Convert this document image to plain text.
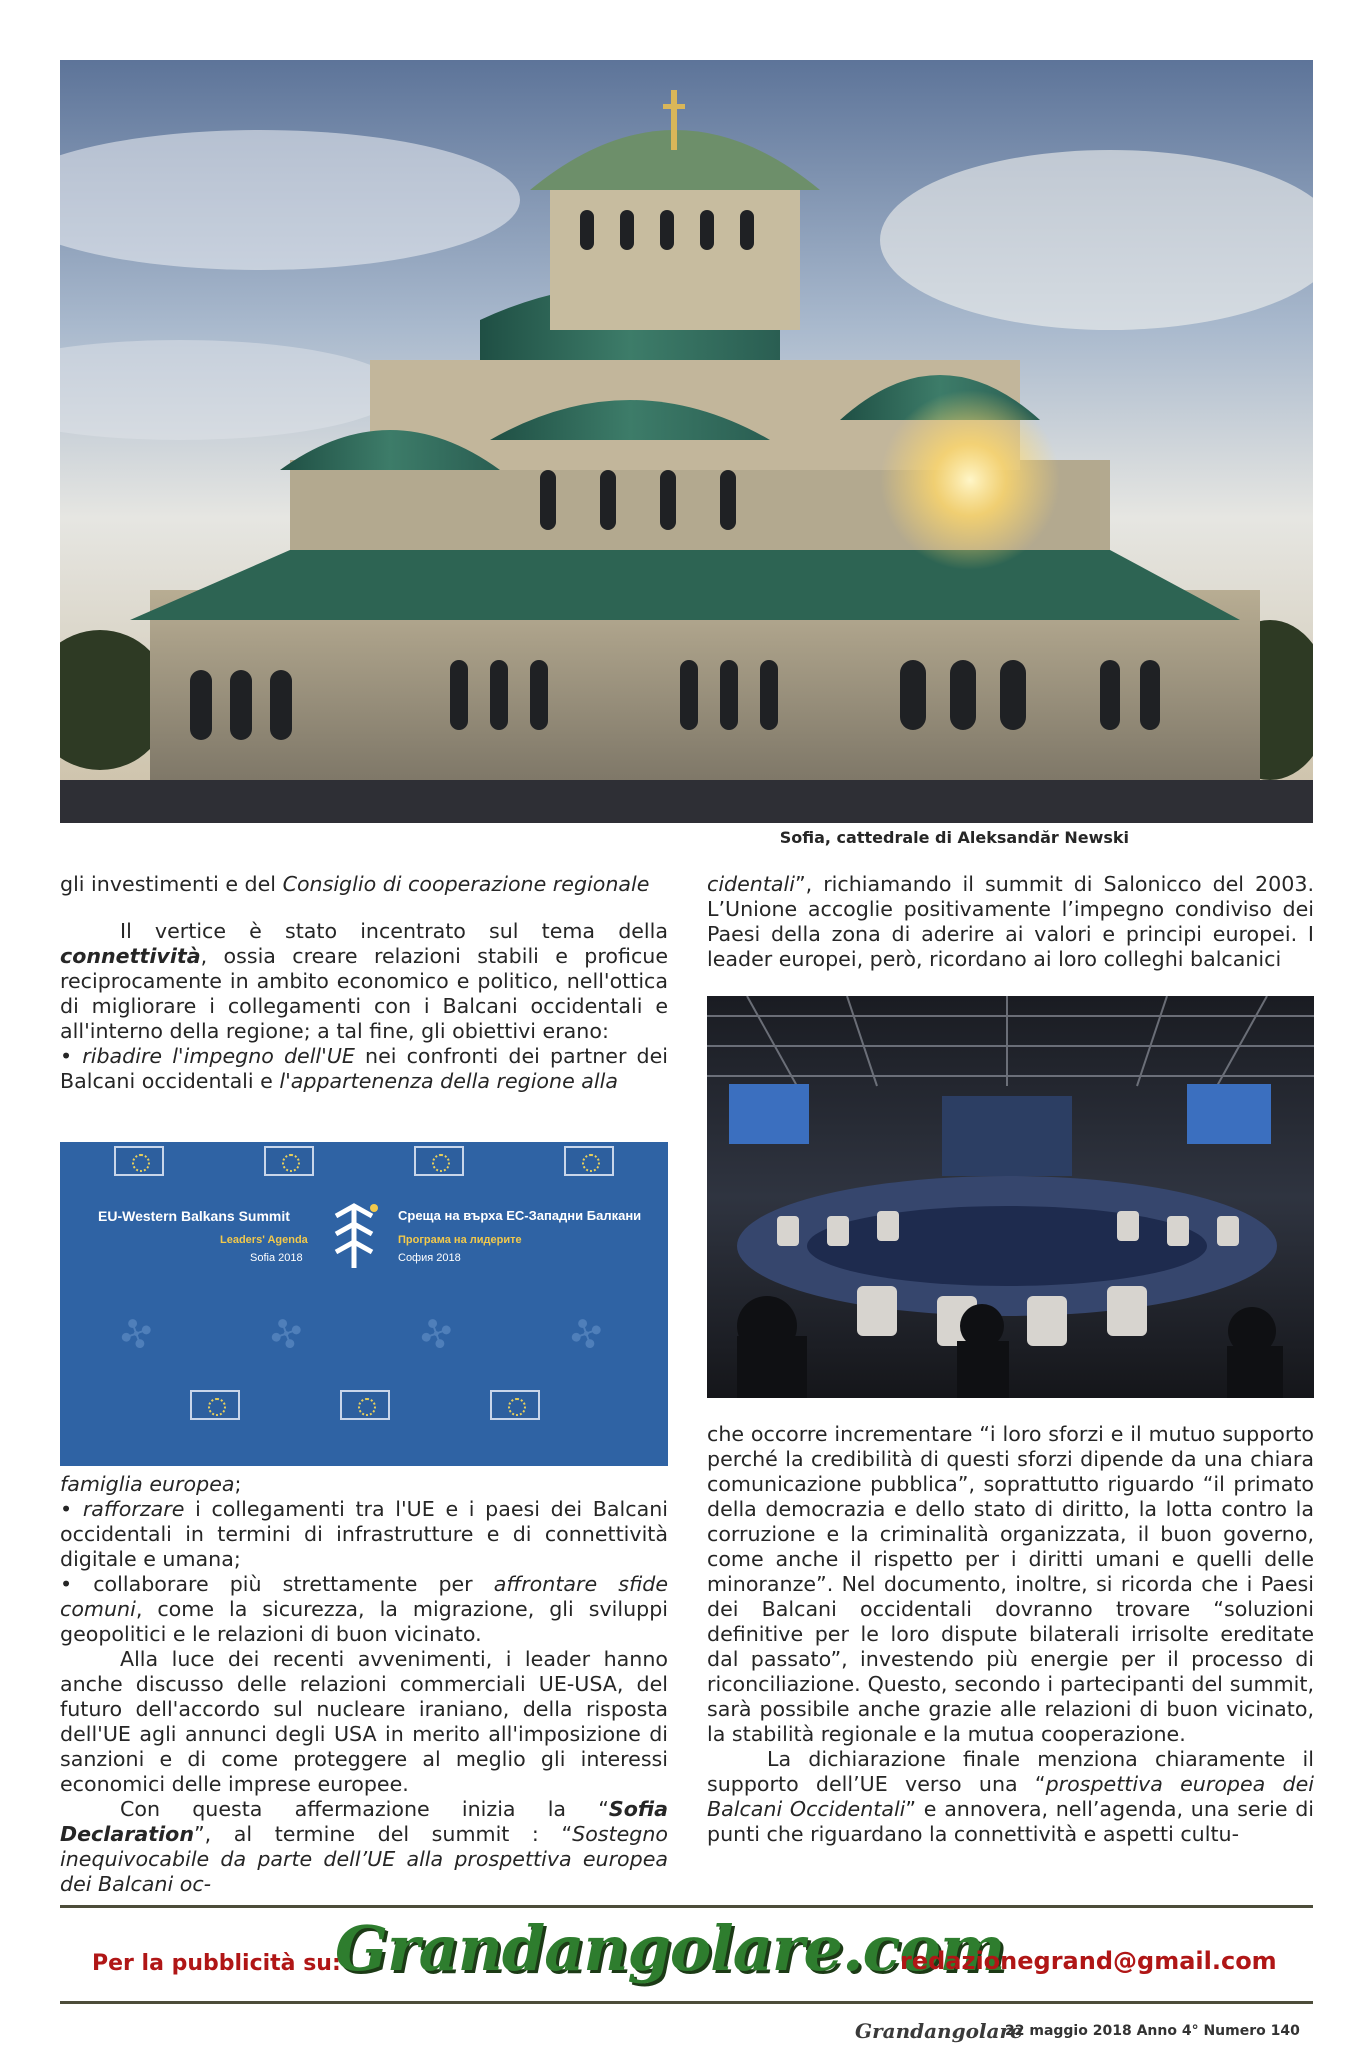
Sofia, cattedrale di Aleksandăr Newski

gli investimenti e del Consiglio di cooperazione regionale

Il vertice è stato incentrato sul tema della connettività, ossia creare relazioni stabili e proficue reciprocamente in ambito economico e politico, nell'ottica di migliorare i collegamenti con i Balcani occidentali e all'interno della regione; a tal fine, gli obiettivi erano:

• ribadire l'impegno dell'UE nei confronti dei partner dei Balcani occidentali e l'appartenenza della regione alla

✣	✣	✣	✣
EU-Western Balkans Summit
Leaders' Agenda
Sofia 2018
Среща на върха ЕС-Западни Балкани
Програма на лидерите
София 2018

famiglia europea;

• rafforzare i collegamenti tra l'UE e i paesi dei Balcani occidentali in termini di infrastrutture e di connettività digitale e umana;

• collaborare più strettamente per affrontare sfide comuni, come la sicurezza, la migrazione, gli sviluppi geopolitici e le relazioni di buon vicinato.

Alla luce dei recenti avvenimenti, i leader hanno anche discusso delle relazioni commerciali UE-USA, del futuro dell'accordo sul nucleare iraniano, della risposta dell'UE agli annunci degli USA in merito all'imposizione di sanzioni e di come proteggere al meglio gli interessi economici delle imprese europee.

Con questa affermazione inizia la “Sofia Declaration”, al termine del summit : “Sostegno inequivocabile da parte dell’UE alla prospettiva europea dei Balcani oc-

cidentali”, richiamando il summit di Salonicco del 2003. L’Unione accoglie positivamente l’impegno condiviso dei Paesi della zona di aderire ai valori e principi europei. I leader europei, però, ricordano ai loro colleghi balcanici

che occorre incrementare “i loro sforzi e il mutuo supporto perché la credibilità di questi sforzi dipende da una chiara comunicazione pubblica”, soprattutto riguardo “il primato della democrazia e dello stato di diritto, la lotta contro la corruzione e la criminalità organizzata, il buon governo, come anche il rispetto per i diritti umani e quelli delle minoranze”. Nel documento, inoltre, si ricorda che i Paesi dei Balcani occidentali dovranno trovare “soluzioni definitive per le loro dispute bilaterali irrisolte ereditate dal passato”, investendo più energie per il processo di riconciliazione. Questo, secondo i partecipanti del summit, sarà possibile anche grazie alle relazioni di buon vicinato, la stabilità regionale e la mutua cooperazione.

La dichiarazione finale menziona chiaramente il supporto dell’UE verso una “prospettiva europea dei Balcani Occidentali” e annovera, nell’agenda, una serie di punti che riguardano la connettività e aspetti cultu-

Per la pubblicità su:
Grandangolare.com
redazionegrand@gmail.com
Grandangolare
22 maggio 2018 Anno 4° Numero 140
